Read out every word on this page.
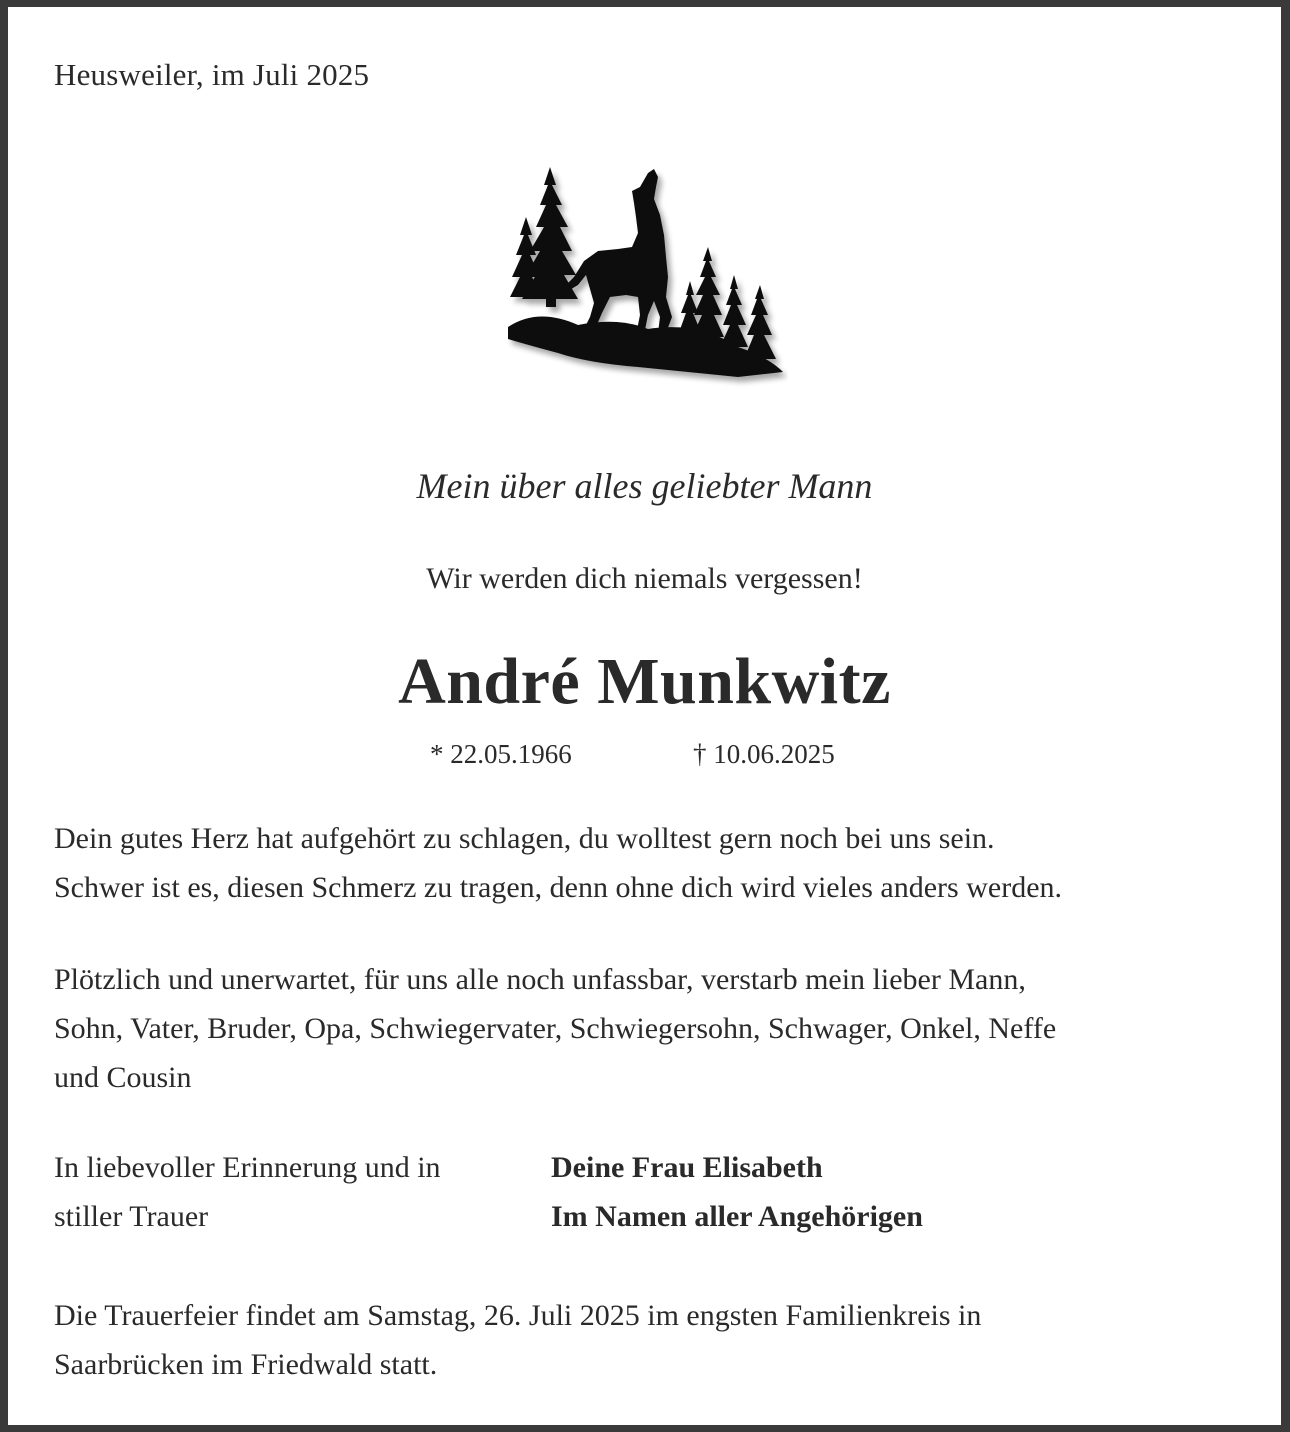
Heusweiler, im Juli 2025
Mein über alles geliebter Mann
Wir werden dich niemals vergessen!
André Munkwitz
* 22.05.1966	† 10.06.2025
Dein gutes Herz hat aufgehört zu schlagen, du wolltest gern noch bei uns sein.
Schwer ist es, diesen Schmerz zu tragen, denn ohne dich wird vieles anders werden.
Plötzlich und unerwartet, für uns alle noch unfassbar, verstarb mein lieber Mann,
Sohn, Vater, Bruder, Opa, Schwiegervater, Schwiegersohn, Schwager, Onkel, Neffe
und Cousin
In liebevoller Erinnerung und in
stiller Trauer
Deine Frau Elisabeth
Im Namen aller Angehörigen
Die Trauerfeier findet am Samstag, 26. Juli 2025 im engsten Familienkreis in
Saarbrücken im Friedwald statt.
